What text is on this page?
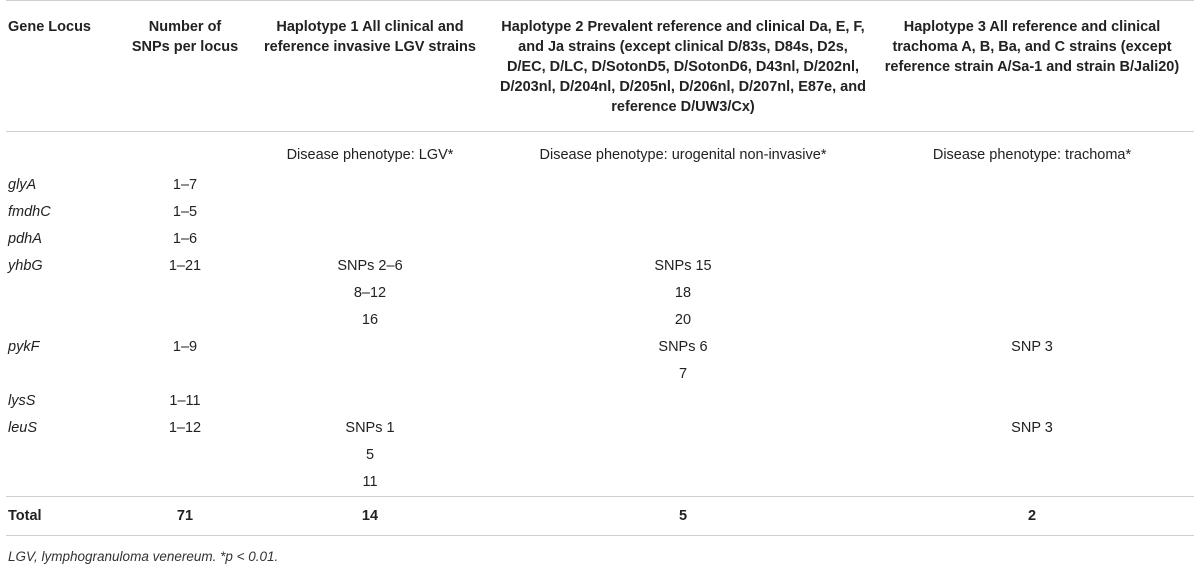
Gene Locus	Number of SNPs per locus	Haplotype 1 All clinical and reference invasive LGV strains	Haplotype 2 Prevalent reference and clinical Da, E, F, and Ja strains (except clinical D/83s, D84s, D2s, D/EC, D/LC, D/SotonD5, D/SotonD6, D43nl, D/202nl, D/203nl, D/204nl, D/205nl, D/206nl, D/207nl, E87e, and reference D/UW3/Cx)	Haplotype 3 All reference and clinical trachoma A, B, Ba, and C strains (except reference strain A/Sa-1 and strain B/Jali20)
		Disease phenotype: LGV*	Disease phenotype: urogenital non-invasive*	Disease phenotype: trachoma*
glyA	1–7			
fmdhC	1–5			
pdhA	1–6			
yhbG	1–21	SNPs 2–6	SNPs 15	
		8–12	18	
		16	20	
pykF	1–9		SNPs 6	SNP 3
			7	
lysS	1–11			
leuS	1–12	SNPs 1		SNP 3
		5		
		11		
Total	71	14	5	2
LGV, lymphogranuloma venereum. *p < 0.01.
